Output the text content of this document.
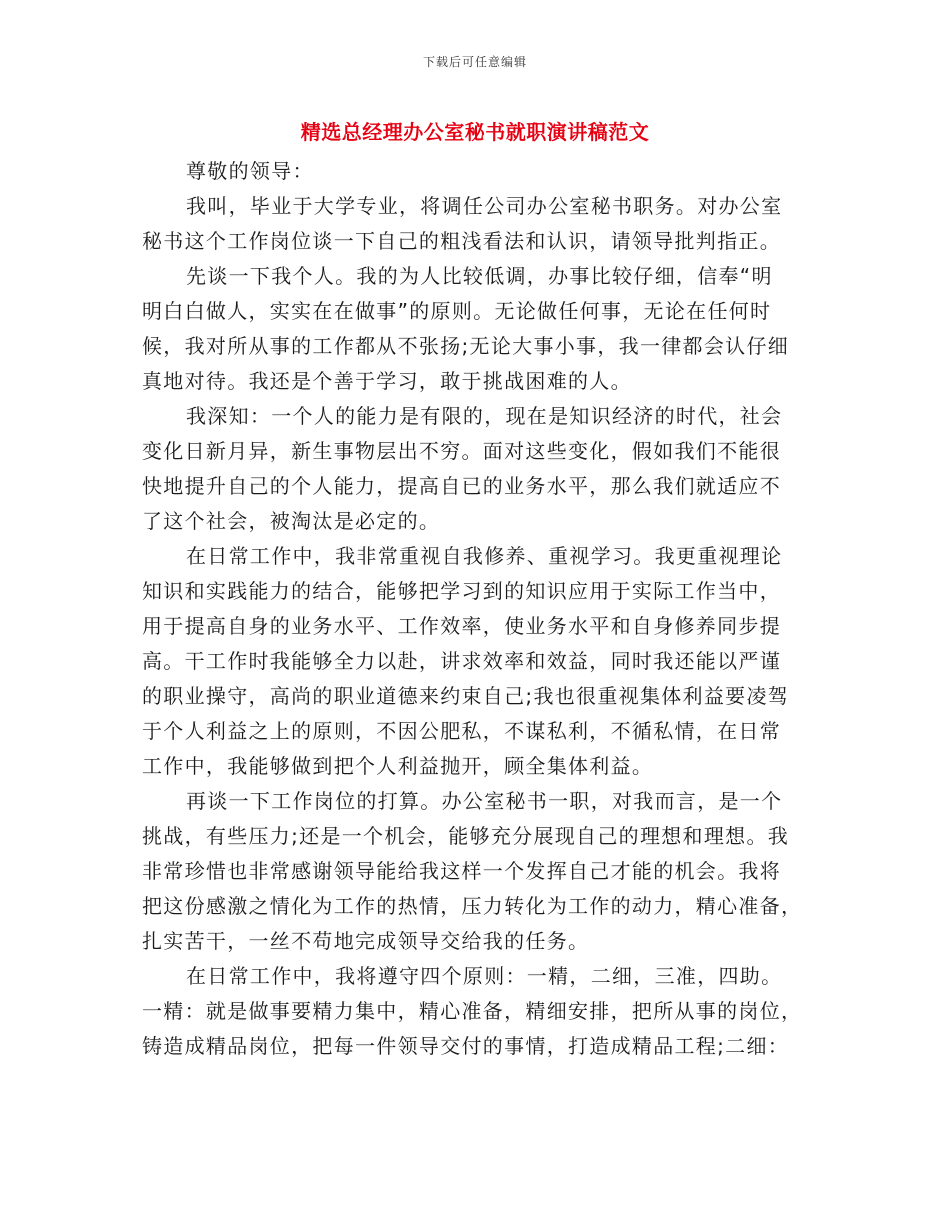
下载后可任意编辑
精选总经理办公室秘书就职演讲稿范文
尊敬的领导：
我叫，毕业于大学专业，将调任公司办公室秘书职务。对办公室
秘书这个工作岗位谈一下自己的粗浅看法和认识，请领导批判指正。
先谈一下我个人。我的为人比较低调，办事比较仔细，信奉“明
明白白做人，实实在在做事”的原则。无论做任何事，无论在任何时
候，我对所从事的工作都从不张扬;无论大事小事，我一律都会认仔细
真地对待。我还是个善于学习，敢于挑战困难的人。
我深知：一个人的能力是有限的，现在是知识经济的时代，社会
变化日新月异，新生事物层出不穷。面对这些变化，假如我们不能很
快地提升自己的个人能力，提高自已的业务水平，那么我们就适应不
了这个社会，被淘汰是必定的。
在日常工作中，我非常重视自我修养、重视学习。我更重视理论
知识和实践能力的结合，能够把学习到的知识应用于实际工作当中，
用于提高自身的业务水平、工作效率，使业务水平和自身修养同步提
高。干工作时我能够全力以赴，讲求效率和效益，同时我还能以严谨
的职业操守，高尚的职业道德来约束自己;我也很重视集体利益要凌驾
于个人利益之上的原则，不因公肥私，不谋私利，不循私情，在日常
工作中，我能够做到把个人利益抛开，顾全集体利益。
再谈一下工作岗位的打算。办公室秘书一职，对我而言，是一个
挑战，有些压力;还是一个机会，能够充分展现自己的理想和理想。我
非常珍惜也非常感谢领导能给我这样一个发挥自己才能的机会。我将
把这份感激之情化为工作的热情，压力转化为工作的动力，精心准备，
扎实苦干，一丝不苟地完成领导交给我的任务。
在日常工作中，我将遵守四个原则：一精，二细，三准，四助。
一精：就是做事要精力集中，精心准备，精细安排，把所从事的岗位，
铸造成精品岗位，把每一件领导交付的事情，打造成精品工程;二细：
